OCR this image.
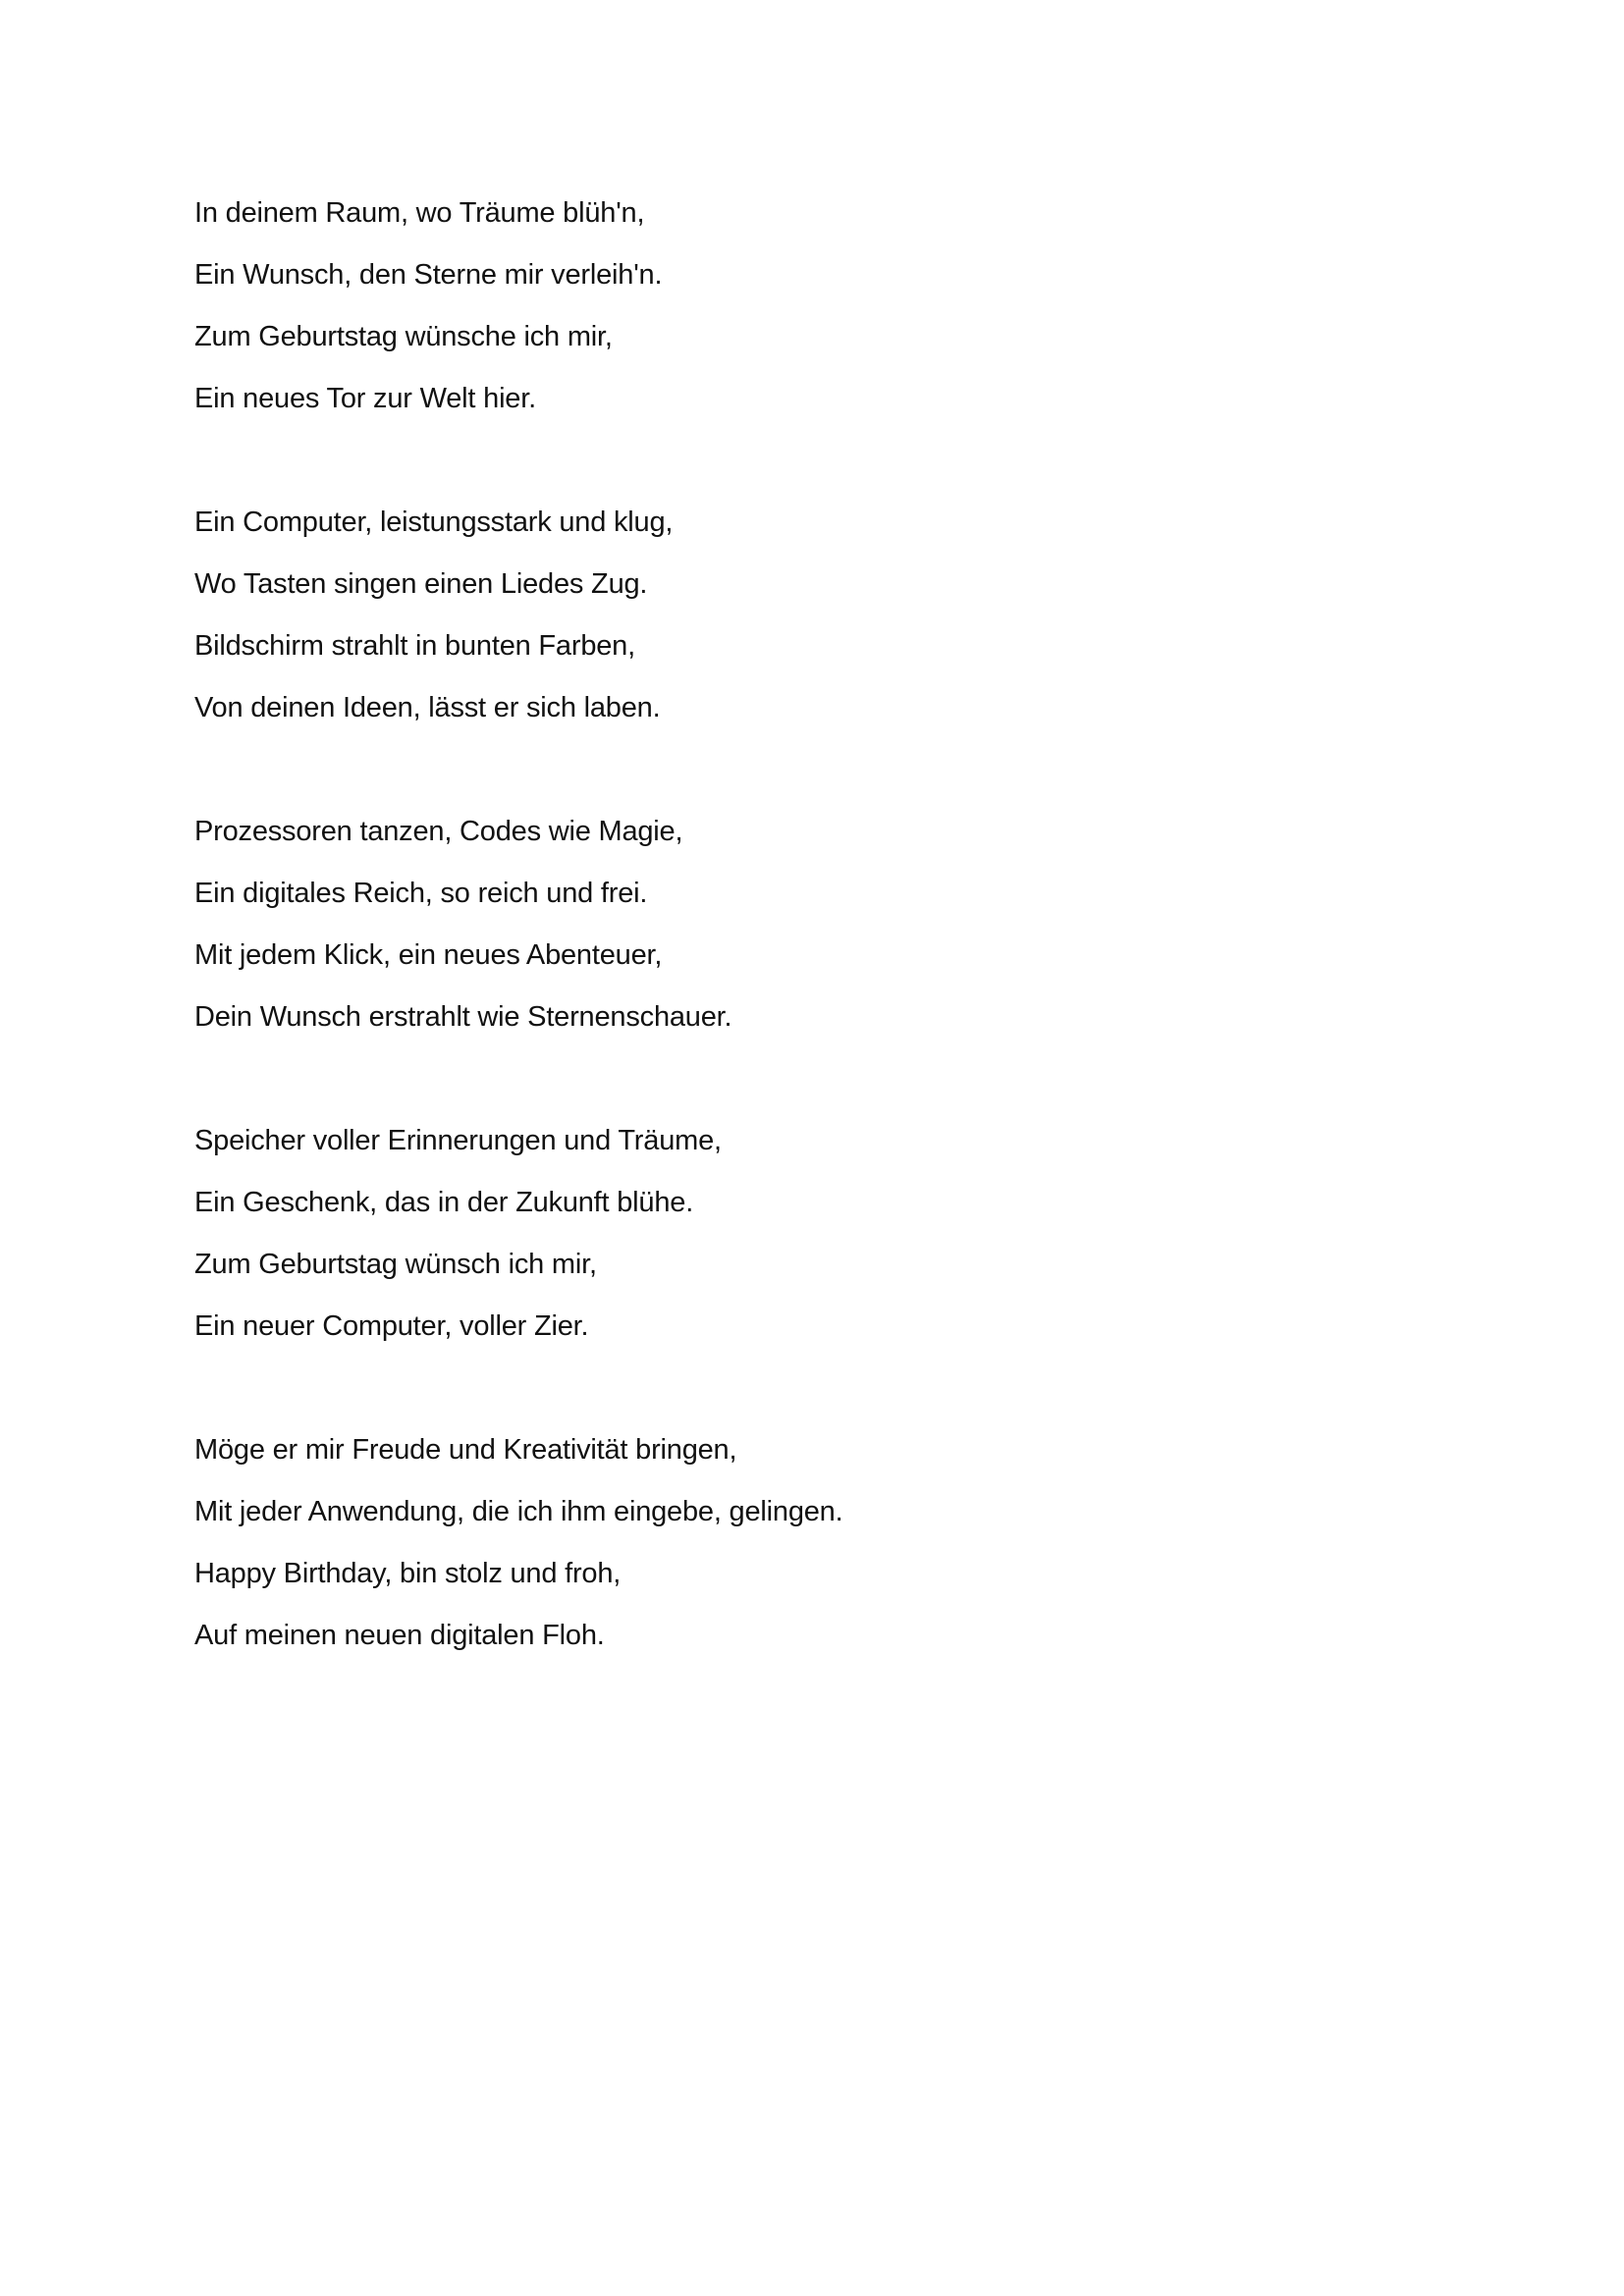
In deinem Raum, wo Träume blüh'n,
Ein Wunsch, den Sterne mir verleih'n.
Zum Geburtstag wünsche ich mir,
Ein neues Tor zur Welt hier.
Ein Computer, leistungsstark und klug,
Wo Tasten singen einen Liedes Zug.
Bildschirm strahlt in bunten Farben,
Von deinen Ideen, lässt er sich laben.
Prozessoren tanzen, Codes wie Magie,
Ein digitales Reich, so reich und frei.
Mit jedem Klick, ein neues Abenteuer,
Dein Wunsch erstrahlt wie Sternenschauer.
Speicher voller Erinnerungen und Träume,
Ein Geschenk, das in der Zukunft blühe.
Zum Geburtstag wünsch ich mir,
Ein neuer Computer, voller Zier.
Möge er mir Freude und Kreativität bringen,
Mit jeder Anwendung, die ich ihm eingebe, gelingen.
Happy Birthday, bin stolz und froh,
Auf meinen neuen digitalen Floh.
